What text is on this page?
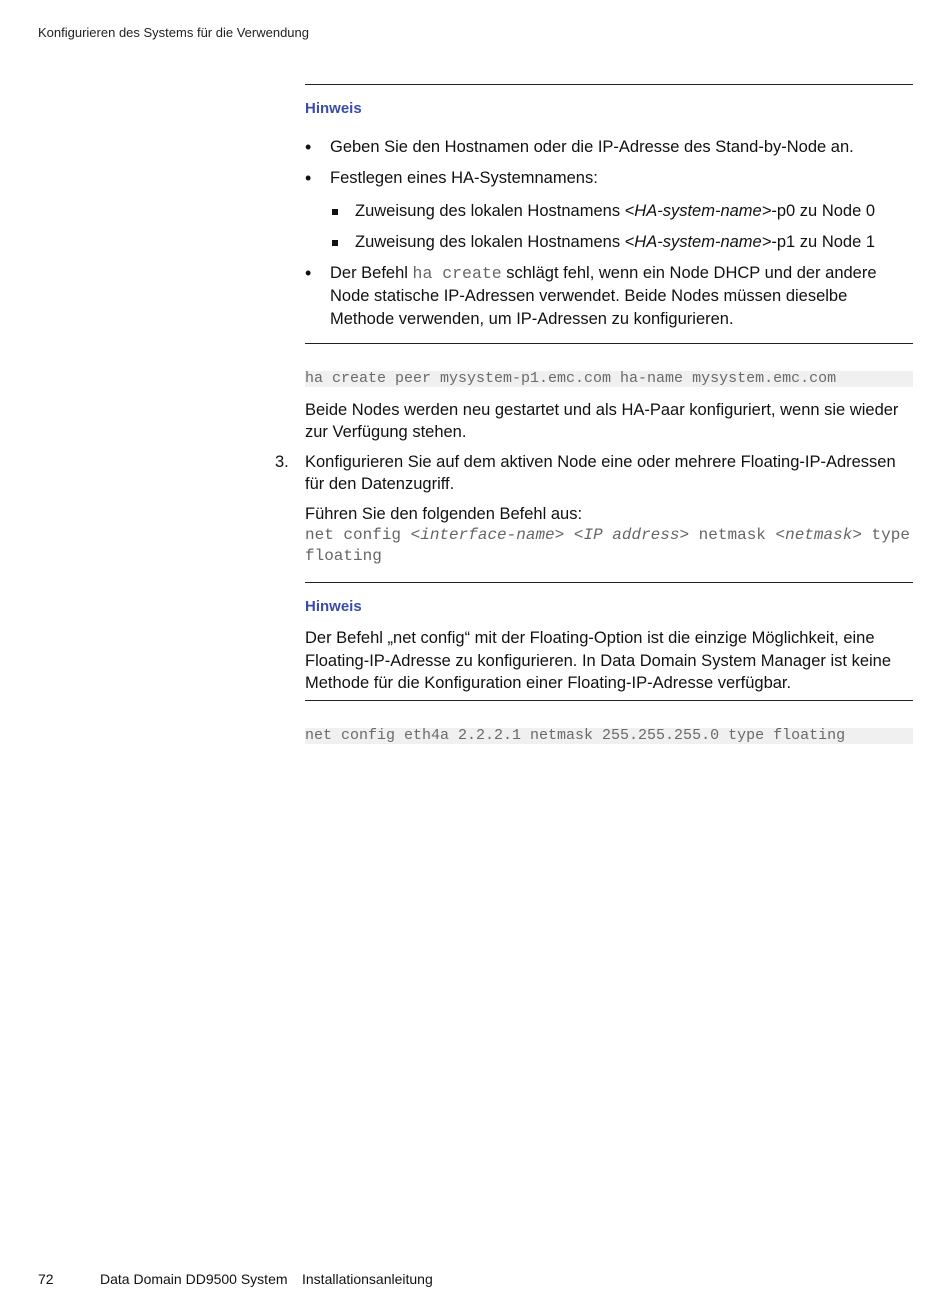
Konfigurieren des Systems für die Verwendung
Hinweis
• Geben Sie den Hostnamen oder die IP-Adresse des Stand-by-Node an.
• Festlegen eines HA-Systemnamens:
Zuweisung des lokalen Hostnamens <HA-system-name>-p0 zu Node 0
Zuweisung des lokalen Hostnamens <HA-system-name>-p1 zu Node 1
• Der Befehl ha create schlägt fehl, wenn ein Node DHCP und der andere Node statische IP-Adressen verwendet. Beide Nodes müssen dieselbe Methode verwenden, um IP-Adressen zu konfigurieren.
ha create peer mysystem-p1.emc.com ha-name mysystem.emc.com

Beide Nodes werden neu gestartet und als HA-Paar konfiguriert, wenn sie wieder zur Verfügung stehen.

3. Konfigurieren Sie auf dem aktiven Node eine oder mehrere Floating-IP-Adressen für den Datenzugriff.
Führen Sie den folgenden Befehl aus:
net config <interface-name> <IP address> netmask <netmask> type floating
Hinweis

Der Befehl „net config“ mit der Floating-Option ist die einzige Möglichkeit, eine Floating-IP-Adresse zu konfigurieren. In Data Domain System Manager ist keine Methode für die Konfiguration einer Floating-IP-Adresse verfügbar.

net config eth4a 2.2.2.1 netmask 255.255.255.0 type floating
72	Data Domain DD9500 System Installationsanleitung
